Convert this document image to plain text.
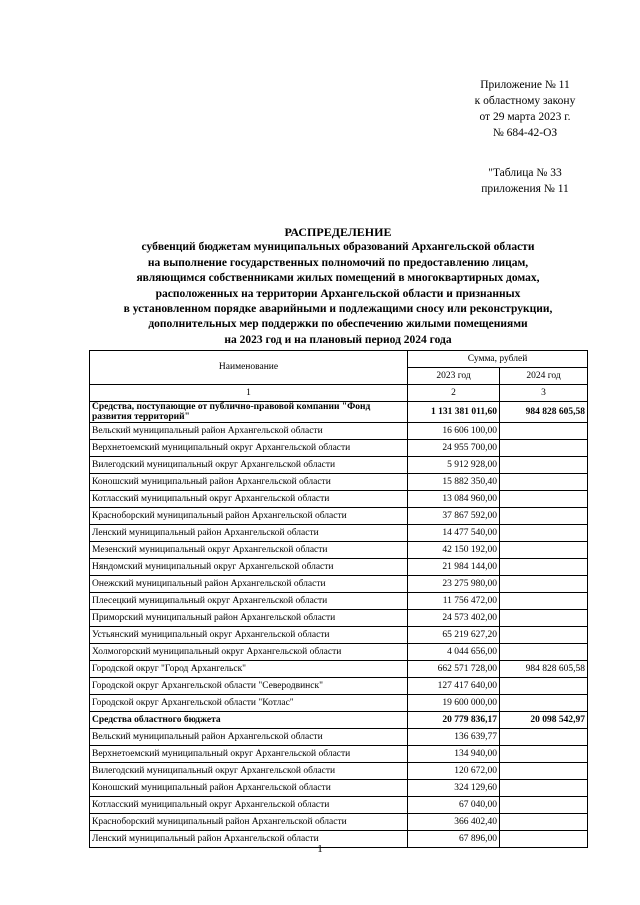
Приложение № 11
к областному закону
от 29 марта 2023 г.
№ 684-42-ОЗ
"Таблица № 33
приложения № 11
РАСПРЕДЕЛЕНИЕ
субвенций бюджетам муниципальных образований Архангельской области
на выполнение государственных полномочий по предоставлению лицам,
являющимся собственниками жилых помещений в многоквартирных домах,
расположенных на территории Архангельской области и признанных
в установленном порядке аварийными и подлежащими сносу или реконструкции,
дополнительных мер поддержки по обеспечению жилыми помещениями
на 2023 год и на плановый период 2024 года
Наименование	Сумма, рублей	
	2023 год	2024 год
1	2	3
Средства, поступающие от публично-правовой компании "Фонд развития территорий"	1 131 381 011,60	984 828 605,58
Вельский муниципальный район Архангельской области	16 606 100,00	
Верхнетоемский муниципальный округ Архангельской области	24 955 700,00	
Вилегодский муниципальный округ Архангельской области	5 912 928,00	
Коношский муниципальный район Архангельской области	15 882 350,40	
Котласский муниципальный округ Архангельской области	13 084 960,00	
Красноборский муниципальный район Архангельской области	37 867 592,00	
Ленский муниципальный район Архангельской области	14 477 540,00	
Мезенский муниципальный округ Архангельской области	42 150 192,00	
Няндомский муниципальный округ Архангельской области	21 984 144,00	
Онежский муниципальный район Архангельской области	23 275 980,00	
Плесецкий муниципальный округ Архангельской области	11 756 472,00	
Приморский муниципальный район Архангельской области	24 573 402,00	
Устьянский муниципальный округ Архангельской области	65 219 627,20	
Холмогорский муниципальный округ Архангельской области	4 044 656,00	
Городской округ "Город Архангельск"	662 571 728,00	984 828 605,58
Городской округ Архангельской области "Северодвинск"	127 417 640,00	
Городской округ Архангельской области "Котлас"	19 600 000,00	
Средства областного бюджета	20 779 836,17	20 098 542,97
Вельский муниципальный район Архангельской области	136 639,77	
Верхнетоемский муниципальный округ Архангельской области	134 940,00	
Вилегодский муниципальный округ Архангельской области	120 672,00	
Коношский муниципальный район Архангельской области	324 129,60	
Котласский муниципальный округ Архангельской области	67 040,00	
Красноборский муниципальный район Архангельской области	366 402,40	
Ленский муниципальный район Архангельской области	67 896,00	
1
